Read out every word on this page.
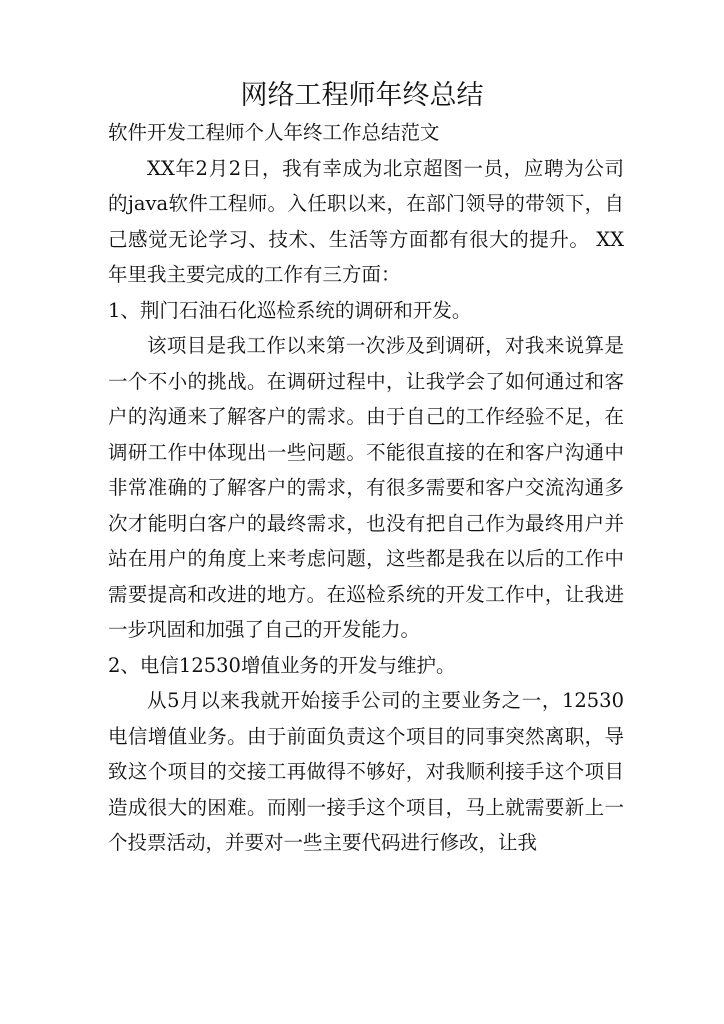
网络工程师年终总结

软件开发工程师个人年终工作总结范文

XX年2月2日，我有幸成为北京超图一员，应聘为公司的java软件工程师。入任职以来，在部门领导的带领下，自己感觉无论学习、技术、生活等方面都有很大的提升。 XX年里我主要完成的工作有三方面：

1、荆门石油石化巡检系统的调研和开发。

该项目是我工作以来第一次涉及到调研，对我来说算是一个不小的挑战。在调研过程中，让我学会了如何通过和客户的沟通来了解客户的需求。由于自己的工作经验不足，在调研工作中体现出一些问题。不能很直接的在和客户沟通中非常准确的了解客户的需求，有很多需要和客户交流沟通多次才能明白客户的最终需求，也没有把自己作为最终用户并站在用户的角度上来考虑问题，这些都是我在以后的工作中需要提高和改进的地方。在巡检系统的开发工作中，让我进一步巩固和加强了自己的开发能力。

2、电信12530增值业务的开发与维护。

从5月以来我就开始接手公司的主要业务之一，12530电信增值业务。由于前面负责这个项目的同事突然离职，导致这个项目的交接工再做得不够好，对我顺利接手这个项目造成很大的困难。而刚一接手这个项目，马上就需要新上一个投票活动，并要对一些主要代码进行修改，让我
